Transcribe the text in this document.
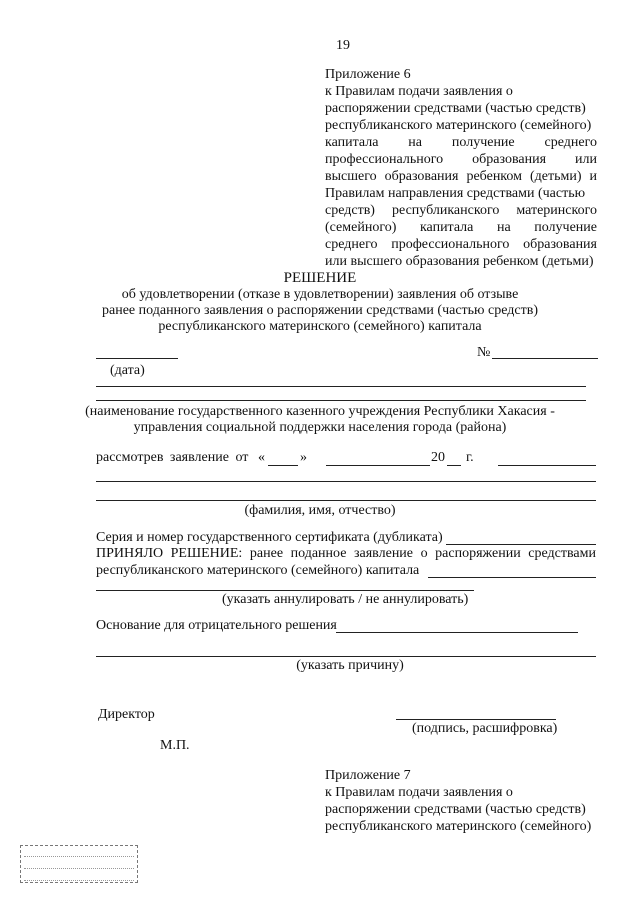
19
Приложение 6
к Правилам подачи заявления о
распоряжении средствами (частью средств)
республиканского материнского (семейного)
капитала на получение среднего
профессионального образования или
высшего образования ребенком (детьми) и
Правилам направления средствами (частью
средств) республиканского материнского
(семейного) капитала на получение
среднего профессионального образования
или высшего образования ребенком (детьми)
РЕШЕНИЕ
об удовлетворении (отказе в удовлетворении) заявления об отзыве
ранее поданного заявления о распоряжении средствами (частью средств)
республиканского материнского (семейного) капитала
№
(дата)
(наименование государственного казенного учреждения Республики Хакасия -
управления социальной поддержки населения города (района)
рассмотрев заявление от «	»	20 г.
(фамилия, имя, отчество)
Серия и номер государственного сертификата (дубликата)
ПРИНЯЛО РЕШЕНИЕ: ранее поданное заявление о распоряжении средствами
республиканского материнского (семейного) капитала
(указать аннулировать / не аннулировать)
Основание для отрицательного решения
(указать причину)
Директор
(подпись, расшифровка)
М.П.
Приложение 7
к Правилам подачи заявления о
распоряжении средствами (частью средств)
республиканского материнского (семейного)
